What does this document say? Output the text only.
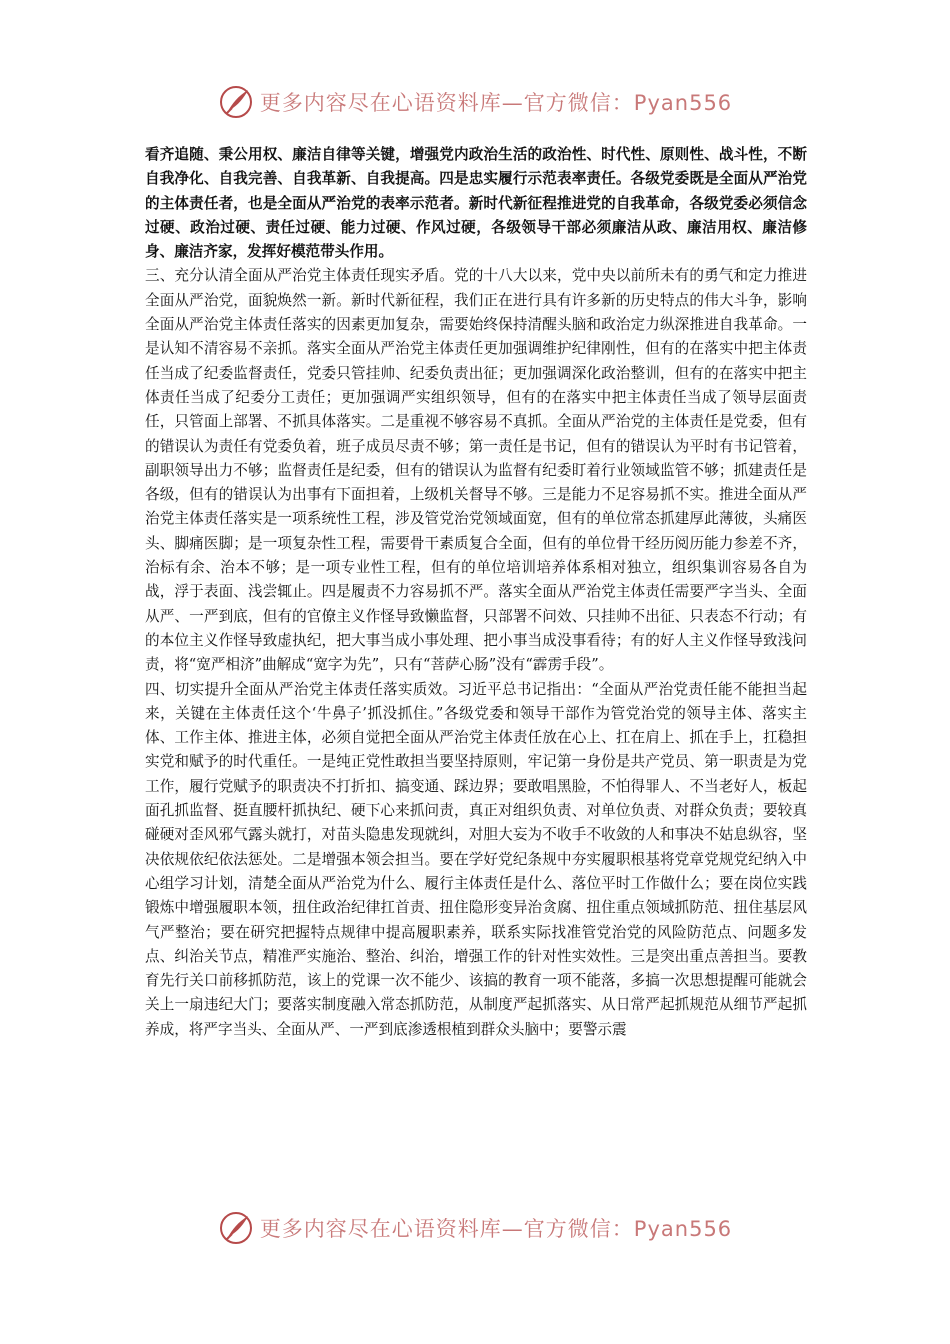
更多内容尽在心语资料库—官方微信：Pyan556

看齐追随、秉公用权、廉洁自律等关键，增强党内政治生活的政治性、时代性、原则性、战斗性，不断自我净化、自我完善、自我革新、自我提高。四是忠实履行示范表率责任。各级党委既是全面从严治党的主体责任者，也是全面从严治党的表率示范者。新时代新征程推进党的自我革命，各级党委必须信念过硬、政治过硬、责任过硬、能力过硬、作风过硬，各级领导干部必须廉洁从政、廉洁用权、廉洁修身、廉洁齐家，发挥好模范带头作用。

三、充分认清全面从严治党主体责任现实矛盾。党的十八大以来，党中央以前所未有的勇气和定力推进全面从严治党，面貌焕然一新。新时代新征程，我们正在进行具有许多新的历史特点的伟大斗争，影响全面从严治党主体责任落实的因素更加复杂，需要始终保持清醒头脑和政治定力纵深推进自我革命。一是认知不清容易不亲抓。落实全面从严治党主体责任更加强调维护纪律刚性，但有的在落实中把主体责任当成了纪委监督责任，党委只管挂帅、纪委负责出征；更加强调深化政治整训，但有的在落实中把主体责任当成了纪委分工责任；更加强调严实组织领导，但有的在落实中把主体责任当成了领导层面责任，只管面上部署、不抓具体落实。二是重视不够容易不真抓。全面从严治党的主体责任是党委，但有的错误认为责任有党委负着，班子成员尽责不够；第一责任是书记，但有的错误认为平时有书记管着，副职领导出力不够；监督责任是纪委，但有的错误认为监督有纪委盯着行业领域监管不够；抓建责任是各级，但有的错误认为出事有下面担着，上级机关督导不够。三是能力不足容易抓不实。推进全面从严治党主体责任落实是一项系统性工程，涉及管党治党领域面宽，但有的单位常态抓建厚此薄彼，头痛医头、脚痛医脚；是一项复杂性工程，需要骨干素质复合全面，但有的单位骨干经历阅历能力参差不齐，治标有余、治本不够；是一项专业性工程，但有的单位培训培养体系相对独立，组织集训容易各自为战，浮于表面、浅尝辄止。四是履责不力容易抓不严。落实全面从严治党主体责任需要严字当头、全面从严、一严到底，但有的官僚主义作怪导致懒监督，只部署不问效、只挂帅不出征、只表态不行动；有的本位主义作怪导致虚执纪，把大事当成小事处理、把小事当成没事看待；有的好人主义作怪导致浅问责，将“宽严相济”曲解成“宽字为先”，只有“菩萨心肠”没有“霹雳手段”。

四、切实提升全面从严治党主体责任落实质效。习近平总书记指出：“全面从严治党责任能不能担当起来，关键在主体责任这个‘牛鼻子’抓没抓住。”各级党委和领导干部作为管党治党的领导主体、落实主体、工作主体、推进主体，必须自觉把全面从严治党主体责任放在心上、扛在肩上、抓在手上，扛稳担实党和赋予的时代重任。一是纯正党性敢担当要坚持原则，牢记第一身份是共产党员、第一职责是为党工作，履行党赋予的职责决不打折扣、搞变通、踩边界；要敢唱黑脸，不怕得罪人、不当老好人，板起面孔抓监督、挺直腰杆抓执纪、硬下心来抓问责，真正对组织负责、对单位负责、对群众负责；要较真碰硬对歪风邪气露头就打，对苗头隐患发现就纠，对胆大妄为不收手不收敛的人和事决不姑息纵容，坚决依规依纪依法惩处。二是增强本领会担当。要在学好党纪条规中夯实履职根基将党章党规党纪纳入中心组学习计划，清楚全面从严治党为什么、履行主体责任是什么、落位平时工作做什么；要在岗位实践锻炼中增强履职本领，扭住政治纪律扛首责、扭住隐形变异治贪腐、扭住重点领域抓防范、扭住基层风气严整治；要在研究把握特点规律中提高履职素养，联系实际找准管党治党的风险防范点、问题多发点、纠治关节点，精准严实施治、整治、纠治，增强工作的针对性实效性。三是突出重点善担当。要教育先行关口前移抓防范，该上的党课一次不能少、该搞的教育一项不能落，多搞一次思想提醒可能就会关上一扇违纪大门；要落实制度融入常态抓防范，从制度严起抓落实、从日常严起抓规范从细节严起抓养成，将严字当头、全面从严、一严到底渗透根植到群众头脑中；要警示震

更多内容尽在心语资料库—官方微信：Pyan556
